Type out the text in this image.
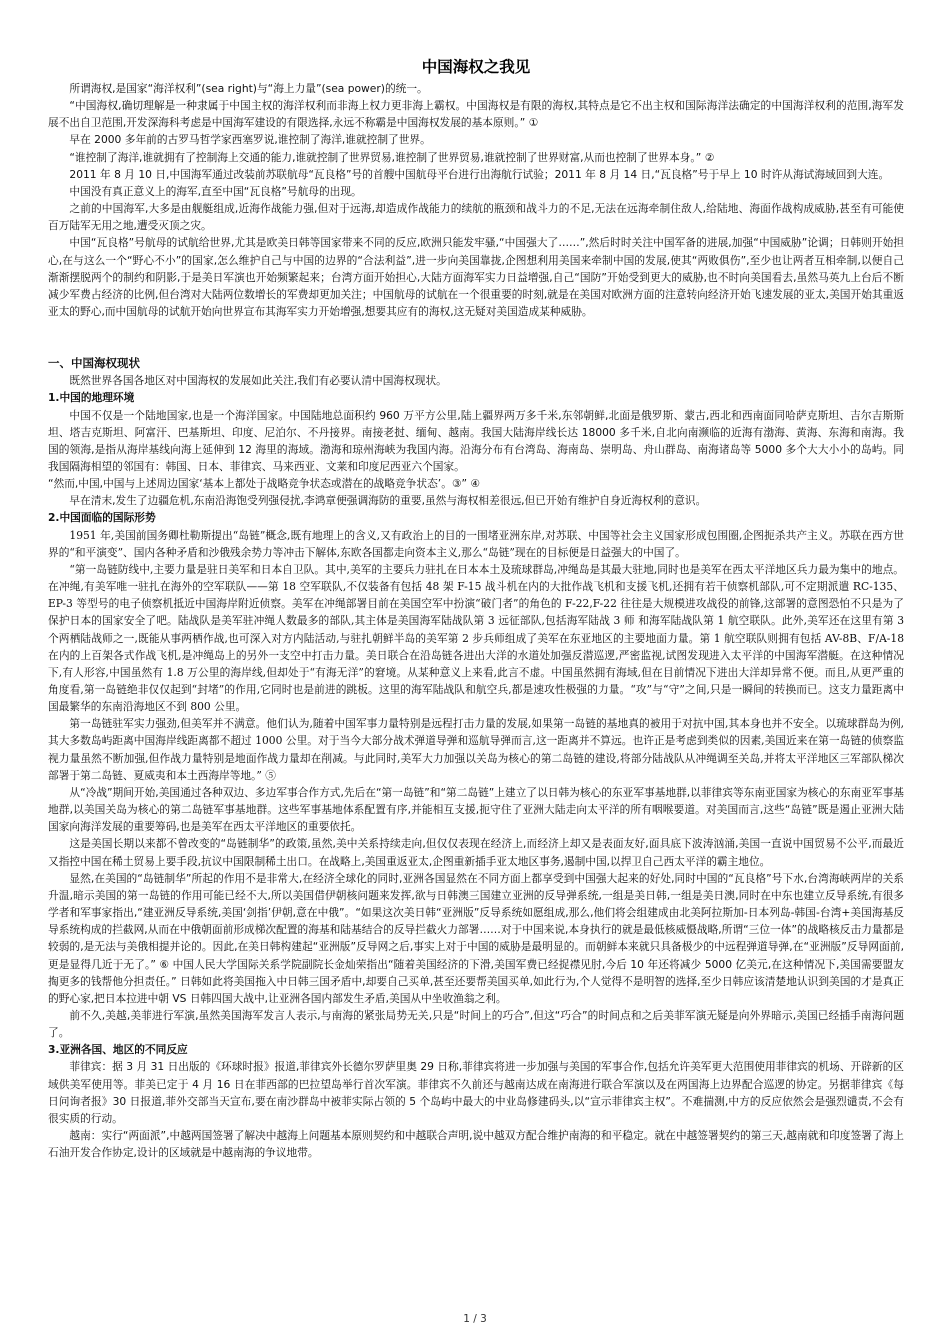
中国海权之我见

所谓海权,是国家“海洋权利”(sea right)与“海上力量”(sea power)的统一。

“中国海权,确切理解是一种隶属于中国主权的海洋权利而非海上权力更非海上霸权。中国海权是有限的海权,其特点是它不出主权和国际海洋法确定的中国海洋权利的范围,海军发展不出自卫范围,开发深海科考虑是中国海军建设的有限选择,永远不称霸是中国海权发展的基本原则。” ①

早在 2000 多年前的古罗马哲学家西塞罗说,谁控制了海洋,谁就控制了世界。

“谁控制了海洋,谁就拥有了控制海上交通的能力,谁就控制了世界贸易,谁控制了世界贸易,谁就控制了世界财富,从而也控制了世界本身。” ②

2011 年 8 月 10 日,中国海军通过改装前苏联航母“瓦良格”号的首艘中国航母平台进行出海航行试验；2011 年 8 月 14 日,“瓦良格”号于早上 10 时许从海试海域回到大连。

中国没有真正意义上的海军,直至中国“瓦良格”号航母的出现。

之前的中国海军,大多是由舰艇组成,近海作战能力强,但对于远海,却造成作战能力的续航的瓶颈和战斗力的不足,无法在远海牵制住敌人,给陆地、海面作战构成威胁,甚至有可能使百万陆军无用之地,遭受灭顶之灾。

中国“瓦良格”号航母的试航给世界,尤其是欧美日韩等国家带来不同的反应,欧洲只能发牢骚,“中国强大了……”,然后时时关注中国军备的进展,加强“中国威胁”论调；日韩则开始担心,在与这么一个“野心不小”的国家,怎么维护自己与中国的边界的“合法利益”,进一步向美国靠拢,企图想利用美国来牵制中国的发展,使其“两败俱伤”,至少也让两者互相牵制,以便自己渐渐摆脱两个的制约和阴影,于是美日军演也开始频繁起来；台湾方面开始担心,大陆方面海军实力日益增强,自己“国防”开始受到更大的威胁,也不时向美国看去,虽然马英九上台后不断减少军费占经济的比例,但台湾对大陆两位数增长的军费却更加关注；中国航母的试航在一个很重要的时刻,就是在美国对欧洲方面的注意转向经济开始飞速发展的亚太,美国开始其重返亚太的野心,而中国航母的试航开始向世界宣布其海军实力开始增强,想要其应有的海权,这无疑对美国造成某种威胁。

一、中国海权现状

既然世界各国各地区对中国海权的发展如此关注,我们有必要认清中国海权现状。

1.中国的地理环境

中国不仅是一个陆地国家,也是一个海洋国家。中国陆地总面积约 960 万平方公里,陆上疆界两万多千米,东邻朝鲜,北面是俄罗斯、蒙古,西北和西南面同哈萨克斯坦、吉尔吉斯斯坦、塔吉克斯坦、阿富汗、巴基斯坦、印度、尼泊尔、不丹接界。南接老挝、缅甸、越南。我国大陆海岸线长达 18000 多千米,自北向南濒临的近海有渤海、黄海、东海和南海。我国的领海,是指从海岸基线向海上延伸到 12 海里的海域。渤海和琼州海峡为我国内海。沿海分布有台湾岛、海南岛、崇明岛、舟山群岛、南海诸岛等 5000 多个大大小小的岛屿。同我国隔海相望的邻国有：韩国、日本、菲律宾、马来西亚、文莱和印度尼西亚六个国家。

“然而,中国,中国与上述周边国家‘基本上都处于战略竞争状态或潜在的战略竞争状态’。③” ④

早在清末,发生了边疆危机,东南沿海饱受列强侵扰,李鸿章便强调海防的重要,虽然与海权相差很远,但已开始有维护自身近海权利的意识。

2.中国面临的国际形势

1951 年,美国前国务卿杜勒斯提出“岛链”概念,既有地理上的含义,又有政治上的目的一围堵亚洲东岸,对苏联、中国等社会主义国家形成包围圈,企图扼杀共产主义。苏联在西方世界的“和平演变”、国内各种矛盾和沙俄残余势力等冲击下解体,东欧各国都走向资本主义,那么“岛链”现在的目标便是日益强大的中国了。

“第一岛链防线中,主要力量是驻日美军和日本自卫队。其中,美军的主要兵力驻扎在日本本土及琉球群岛,冲绳岛是其最大驻地,同时也是美军在西太平洋地区兵力最为集中的地点。在冲绳,有美军唯一驻扎在海外的空军联队——第 18 空军联队,不仅装备有包括 48 架 F-15 战斗机在内的大批作战飞机和支援飞机,还拥有若干侦察机部队,可不定期派遣 RC-135、EP-3 等型号的电子侦察机抵近中国海岸附近侦察。美军在冲绳部署目前在美国空军中扮演“破门者”的角色的 F-22,F-22 往往是大规模进攻战役的前锋,这部署的意图恐怕不只是为了保护日本的国家安全了吧。陆战队是美军驻冲绳人数最多的部队,其主体是美国海军陆战队第 3 远征部队,包括海军陆战 3 师 和海军陆战队第 1 航空联队。此外,美军还在这里有第 3 个两栖陆战师之一,既能从事两栖作战,也可深入对方内陆活动,与驻扎朝鲜半岛的美军第 2 步兵师组成了美军在东亚地区的主要地面力量。第 1 航空联队则拥有包括 AV-8B、F/A-18 在内的上百架各式作战飞机,是冲绳岛上的另外一支空中打击力量。美日联合在沿岛链各进出大洋的水道处加强反潜巡逻,严密监视,试图发现进入太平洋的中国海军潜艇。在这种情况下,有人形容,中国虽然有 1.8 万公里的海岸线,但却处于“有海无洋”的窘境。从某种意义上来看,此言不虚。中国虽然拥有海域,但在目前情况下进出大洋却异常不便。而且,从更严重的角度看,第一岛链绝非仅仅起到“封堵”的作用,它同时也是前进的跳板。这里的海军陆战队和航空兵,都是速攻性极强的力量。“攻”与“守”之间,只是一瞬间的转换而已。这支力量距离中国最繁华的东南沿海地区不到 800 公里。

第一岛链驻军实力强劲,但美军并不满意。他们认为,随着中国军事力量特别是远程打击力量的发展,如果第一岛链的基地真的被用于对抗中国,其本身也并不安全。以琉球群岛为例,其大多数岛屿距离中国海岸线距离都不超过 1000 公里。对于当今大部分战术弹道导弹和巡航导弹而言,这一距离并不算远。也许正是考虑到类似的因素,美国近来在第一岛链的侦察监视力量虽然不断加强,但作战力量特别是地面作战力量却在削减。与此同时,美军大力加强以关岛为核心的第二岛链的建设,将部分陆战队从冲绳调至关岛,并将太平洋地区三军部队梯次部署于第二岛链、夏威夷和本土西海岸等地。” ⑤

从“冷战”期间开始,美国通过各种双边、多边军事合作方式,先后在“第一岛链”和“第二岛链”上建立了以日韩为核心的东亚军事基地群,以菲律宾等东南亚国家为核心的东南亚军事基地群,以美国关岛为核心的第二岛链军事基地群。这些军事基地体系配置有序,并能相互支援,扼守住了亚洲大陆走向太平洋的所有咽喉要道。对美国而言,这些“岛链”既是遏止亚洲大陆国家向海洋发展的重要筹码,也是美军在西太平洋地区的重要依托。

这是美国长期以来都不曾改变的“岛链制华”的政策,虽然,美中关系持续走向,但仅仅表现在经济上,而经济上却又是表面友好,面具底下波涛汹涌,美国一直说中国贸易不公平,而最近又指控中国在稀土贸易上要手段,抗议中国限制稀土出口。在战略上,美国重返亚太,企图重新插手亚太地区事务,遏制中国,以捍卫自己西太平洋的霸主地位。

显然,在美国的“岛链制华”所起的作用不是非常大,在经济全球化的同时,亚洲各国显然在不同方面上都享受到中国强大起来的好处,同时中国的“瓦良格”号下水,台湾海峡两岸的关系升温,暗示美国的第一岛链的作用可能已经不大,所以美国借伊朝核问题来发挥,欲与日韩澳三国建立亚洲的反导弹系统,一组是美日韩,一组是美日澳,同时在中东也建立反导系统,有很多学者和军事家指出,“建亚洲反导系统,美国‘剑指’伊朝,意在中俄”。“如果这次美日韩“亚洲版”反导系统如愿组成,那么,他们将会组建成由北美阿拉斯加-日本列岛-韩国-台湾+美国海基反导系统构成的拦截网,从而在中俄朝面前形成梯次配置的海基和陆基结合的反导拦截火力部署……对于中国来说,本身执行的就是最低核威慑战略,所谓“三位一体”的战略核反击力量都是较弱的,是无法与美俄相提并论的。因此,在美日韩构建起“亚洲版”反导网之后,事实上对于中国的威胁是最明显的。而朝鲜本来就只具备极少的中远程弹道导弹,在“亚洲版”反导网面前,更是显得几近于无了。” ⑥ 中国人民大学国际关系学院副院长金灿荣指出“随着美国经济的下滑,美国军费已经捉襟见肘,今后 10 年还将减少 5000 亿美元,在这种情况下,美国需要盟友掏更多的钱帮他分担责任。” 日韩如此将美国拖入中日韩三国矛盾中,却要自己买单,甚至还要帮美国买单,如此行为,个人觉得不是明智的选择,至少日韩应该清楚地认识到美国的才是真正的野心家,把日本拉进中朝 VS 日韩四国大战中,让亚洲各国内部发生矛盾,美国从中坐收渔翁之利。

前不久,美越,美菲进行军演,虽然美国海军发言人表示,与南海的紧张局势无关,只是“时间上的巧合”,但这“巧合”的时间点和之后美菲军演无疑是向外界暗示,美国已经插手南海问题了。

3.亚洲各国、地区的不同反应

菲律宾：据 3 月 31 日出版的《环球时报》报道,菲律宾外长德尔罗萨里奥 29 日称,菲律宾将进一步加强与美国的军事合作,包括允许美军更大范围使用菲律宾的机场、开辟新的区域供美军使用等。菲美已定于 4 月 16 日在菲西部的巴拉望岛举行首次军演。菲律宾不久前还与越南达成在南海进行联合军演以及在两国海上边界配合巡逻的协定。另据菲律宾《每日问询者报》30 日报道,菲外交部当天宣布,要在南沙群岛中被菲实际占领的 5 个岛屿中最大的中业岛修建码头,以“宣示菲律宾主权”。不难揣测,中方的反应依然会是强烈谴责,不会有很实质的行动。

越南：实行“两面派”,中越两国签署了解决中越海上问题基本原则契约和中越联合声明,说中越双方配合维护南海的和平稳定。就在中越签署契约的第三天,越南就和印度签署了海上石油开发合作协定,设计的区域就是中越南海的争议地带。

1 / 3
